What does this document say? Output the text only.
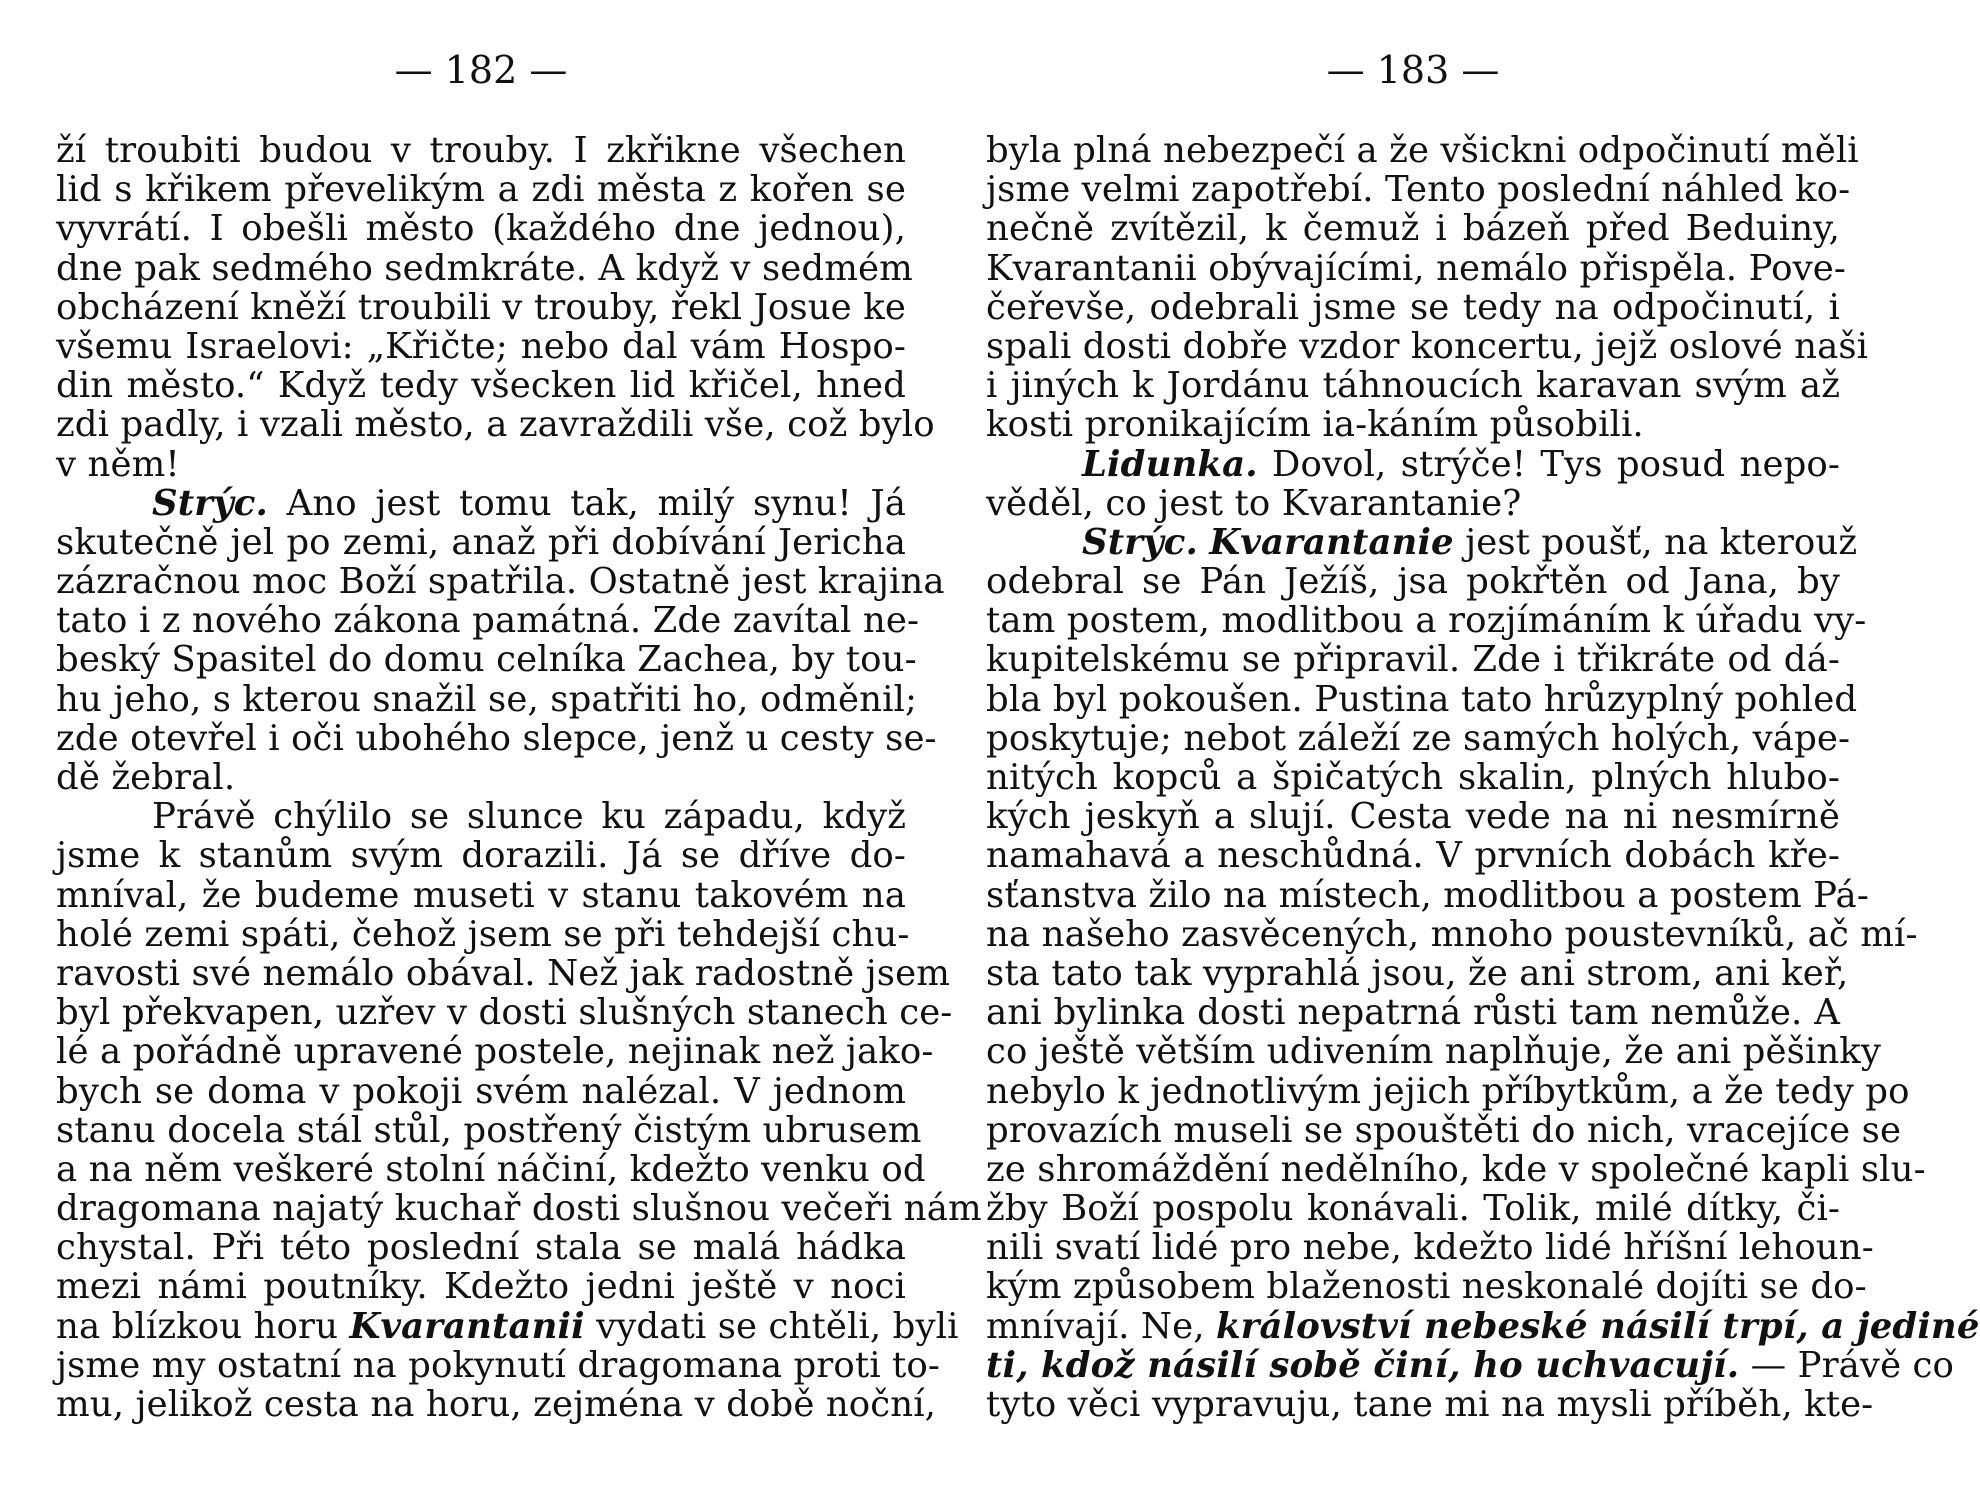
— 182 —
ží troubiti budou v trouby. I zkřikne všechen
lid s křikem převelikým a zdi města z kořen se
vyvrátí. I obešli město (každého dne jednou),
dne pak sedmého sedmkráte. A když v sedmém
obcházení kněží troubili v trouby, řekl Josue ke
všemu Israelovi: „Křičte; nebo dal vám Hospo-
din město.“ Když tedy všecken lid křičel, hned
zdi padly, i vzali město, a zavraždili vše, což bylo
v něm!
Strýc. Ano jest tomu tak, milý synu! Já
skutečně jel po zemi, anaž při dobívání Jericha
zázračnou moc Boží spatřila. Ostatně jest krajina
tato i z nového zákona památná. Zde zavítal ne-
beský Spasitel do domu celníka Zachea, by tou-
hu jeho, s kterou snažil se, spatřiti ho, odměnil;
zde otevřel i oči ubohého slepce, jenž u cesty se-
dě žebral.
Právě chýlilo se slunce ku západu, když
jsme k stanům svým dorazili. Já se dříve do-
mníval, že budeme museti v stanu takovém na
holé zemi spáti, čehož jsem se při tehdejší chu-
ravosti své nemálo obával. Než jak radostně jsem
byl překvapen, uzřev v dosti slušných stanech ce-
lé a pořádně upravené postele, nejinak než jako-
bych se doma v pokoji svém nalézal. V jednom
stanu docela stál stůl, postřený čistým ubrusem
a na něm veškeré stolní náčiní, kdežto venku od
dragomana najatý kuchař dosti slušnou večeři nám
chystal. Při této poslední stala se malá hádka
mezi námi poutníky. Kdežto jedni ještě v noci
na blízkou horu Kvarantanii vydati se chtěli, byli
jsme my ostatní na pokynutí dragomana proti to-
mu, jelikož cesta na horu, zejména v době noční,
— 183 —
byla plná nebezpečí a že všickni odpočinutí měli
jsme velmi zapotřebí. Tento poslední náhled ko-
nečně zvítězil, k čemuž i bázeň před Beduiny,
Kvarantanii obývajícími, nemálo přispěla. Pove-
čeřevše, odebrali jsme se tedy na odpočinutí, i
spali dosti dobře vzdor koncertu, jejž oslové naši
i jiných k Jordánu táhnoucích karavan svým až
kosti pronikajícím ia-káním působili.
Lidunka. Dovol, strýče! Tys posud nepo-
věděl, co jest to Kvarantanie?
Strýc. Kvarantanie jest poušť, na kterouž
odebral se Pán Ježíš, jsa pokřtěn od Jana, by
tam postem, modlitbou a rozjímáním k úřadu vy-
kupitelskému se připravil. Zde i třikráte od dá-
bla byl pokoušen. Pustina tato hrůzyplný pohled
poskytuje; nebot záleží ze samých holých, vápe-
nitých kopců a špičatých skalin, plných hlubo-
kých jeskyň a slují. Cesta vede na ni nesmírně
namahavá a neschůdná. V prvních dobách kře-
sťanstva žilo na místech, modlitbou a postem Pá-
na našeho zasvěcených, mnoho poustevníků, ač mí-
sta tato tak vyprahlá jsou, že ani strom, ani keř,
ani bylinka dosti nepatrná růsti tam nemůže. A
co ještě větším udivením naplňuje, že ani pěšinky
nebylo k jednotlivým jejich příbytkům, a že tedy po
provazích museli se spouštěti do nich, vracejíce se
ze shromáždění nedělního, kde v společné kapli slu-
žby Boží pospolu konávali. Tolik, milé dítky, či-
nili svatí lidé pro nebe, kdežto lidé hříšní lehoun-
kým způsobem blaženosti neskonalé dojíti se do-
mnívají. Ne, království nebeské násilí trpí, a jediné
ti, kdož násilí sobě činí, ho uchvacují. — Právě co
tyto věci vypravuju, tane mi na mysli příběh, kte-
